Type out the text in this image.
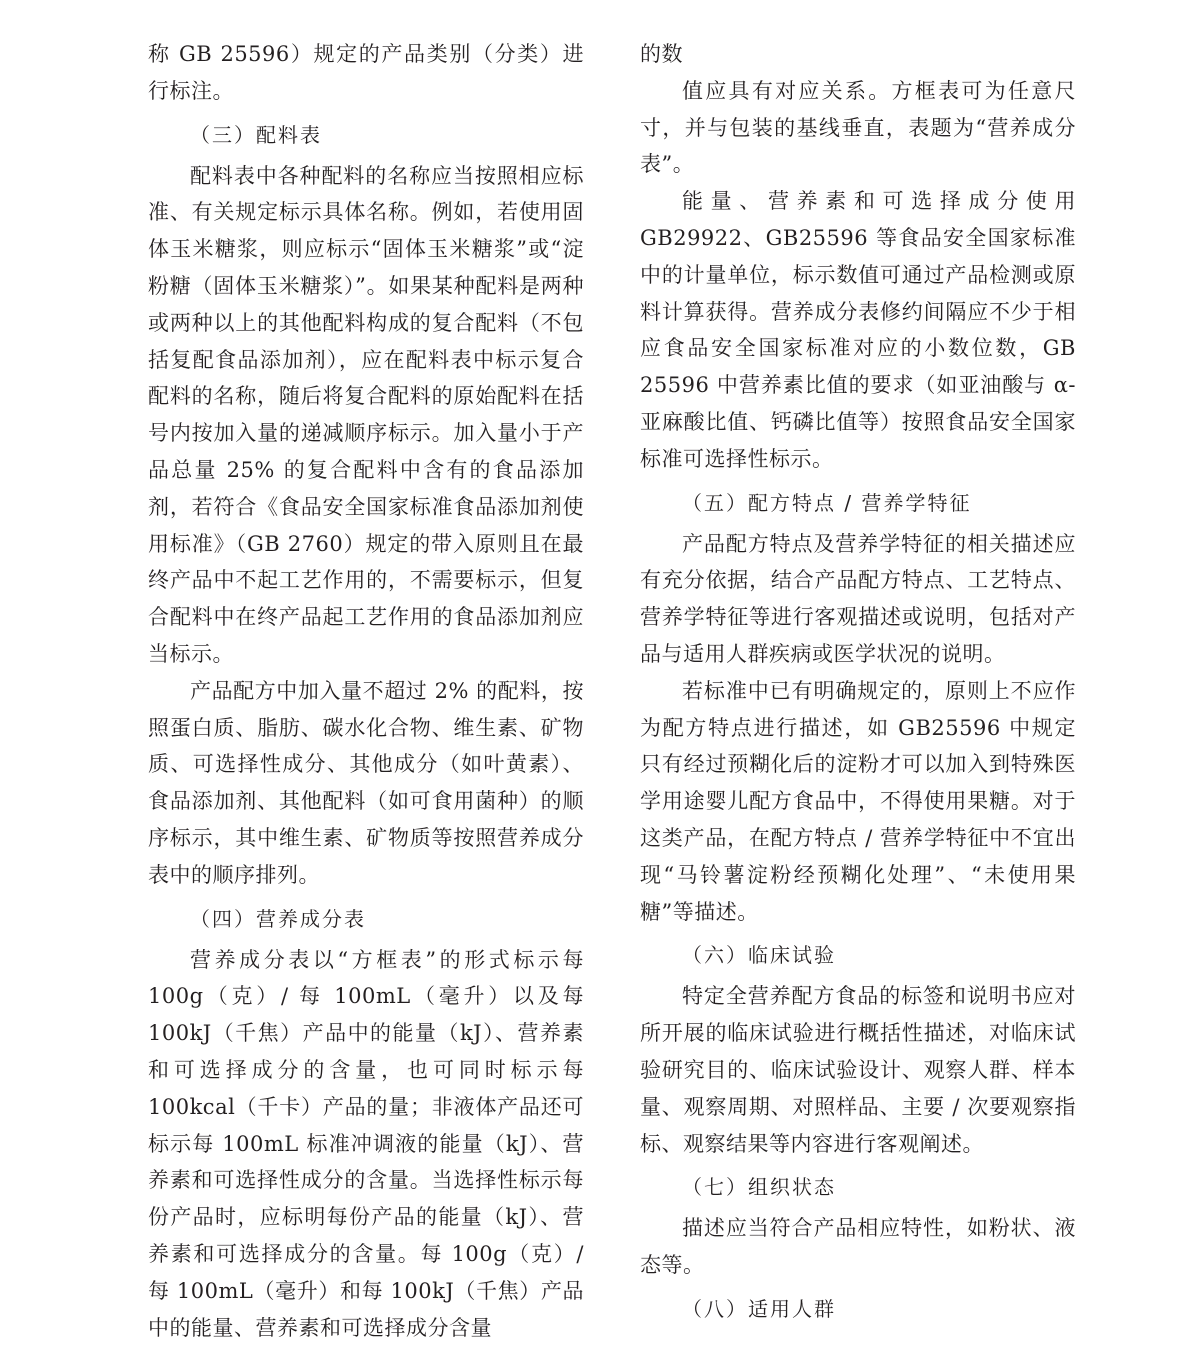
称 GB 25596）规定的产品类别（分类）进行标注。

（三）配料表

配料表中各种配料的名称应当按照相应标准、有关规定标示具体名称。例如，若使用固体玉米糖浆，则应标示“固体玉米糖浆”或“淀粉糖（固体玉米糖浆）”。如果某种配料是两种或两种以上的其他配料构成的复合配料（不包括复配食品添加剂），应在配料表中标示复合配料的名称，随后将复合配料的原始配料在括号内按加入量的递减顺序标示。加入量小于产品总量 25% 的复合配料中含有的食品添加剂，若符合《食品安全国家标准食品添加剂使用标准》（GB 2760）规定的带入原则且在最终产品中不起工艺作用的，不需要标示，但复合配料中在终产品起工艺作用的食品添加剂应当标示。

产品配方中加入量不超过 2% 的配料，按照蛋白质、脂肪、碳水化合物、维生素、矿物质、可选择性成分、其他成分（如叶黄素）、食品添加剂、其他配料（如可食用菌种）的顺序标示，其中维生素、矿物质等按照营养成分表中的顺序排列。

（四）营养成分表

营养成分表以“方框表”的形式标示每 100g（克）/ 每 100mL（毫升）以及每 100kJ（千焦）产品中的能量（kJ）、营养素和可选择成分的含量，也可同时标示每 100kcal（千卡）产品的量；非液体产品还可标示每 100mL 标准冲调液的能量（kJ）、营养素和可选择性成分的含量。当选择性标示每份产品时，应标明每份产品的能量（kJ）、营养素和可选择成分的含量。每 100g（克）/ 每 100mL（毫升）和每 100kJ（千焦）产品中的能量、营养素和可选择成分含量

的数

值应具有对应关系。方框表可为任意尺寸，并与包装的基线垂直，表题为“营养成分表”。

能量、营养素和可选择成分使用 GB29922、GB25596 等食品安全国家标准中的计量单位，标示数值可通过产品检测或原料计算获得。营养成分表修约间隔应不少于相应食品安全国家标准对应的小数位数，GB 25596 中营养素比值的要求（如亚油酸与 α- 亚麻酸比值、钙磷比值等）按照食品安全国家标准可选择性标示。

（五）配方特点 / 营养学特征

产品配方特点及营养学特征的相关描述应有充分依据，结合产品配方特点、工艺特点、营养学特征等进行客观描述或说明，包括对产品与适用人群疾病或医学状况的说明。

若标准中已有明确规定的，原则上不应作为配方特点进行描述，如 GB25596 中规定只有经过预糊化后的淀粉才可以加入到特殊医学用途婴儿配方食品中，不得使用果糖。对于这类产品，在配方特点 / 营养学特征中不宜出现“马铃薯淀粉经预糊化处理”、“未使用果糖”等描述。

（六）临床试验

特定全营养配方食品的标签和说明书应对所开展的临床试验进行概括性描述，对临床试验研究目的、临床试验设计、观察人群、样本量、观察周期、对照样品、主要 / 次要观察指标、观察结果等内容进行客观阐述。

（七）组织状态

描述应当符合产品相应特性，如粉状、液态等。

（八）适用人群
